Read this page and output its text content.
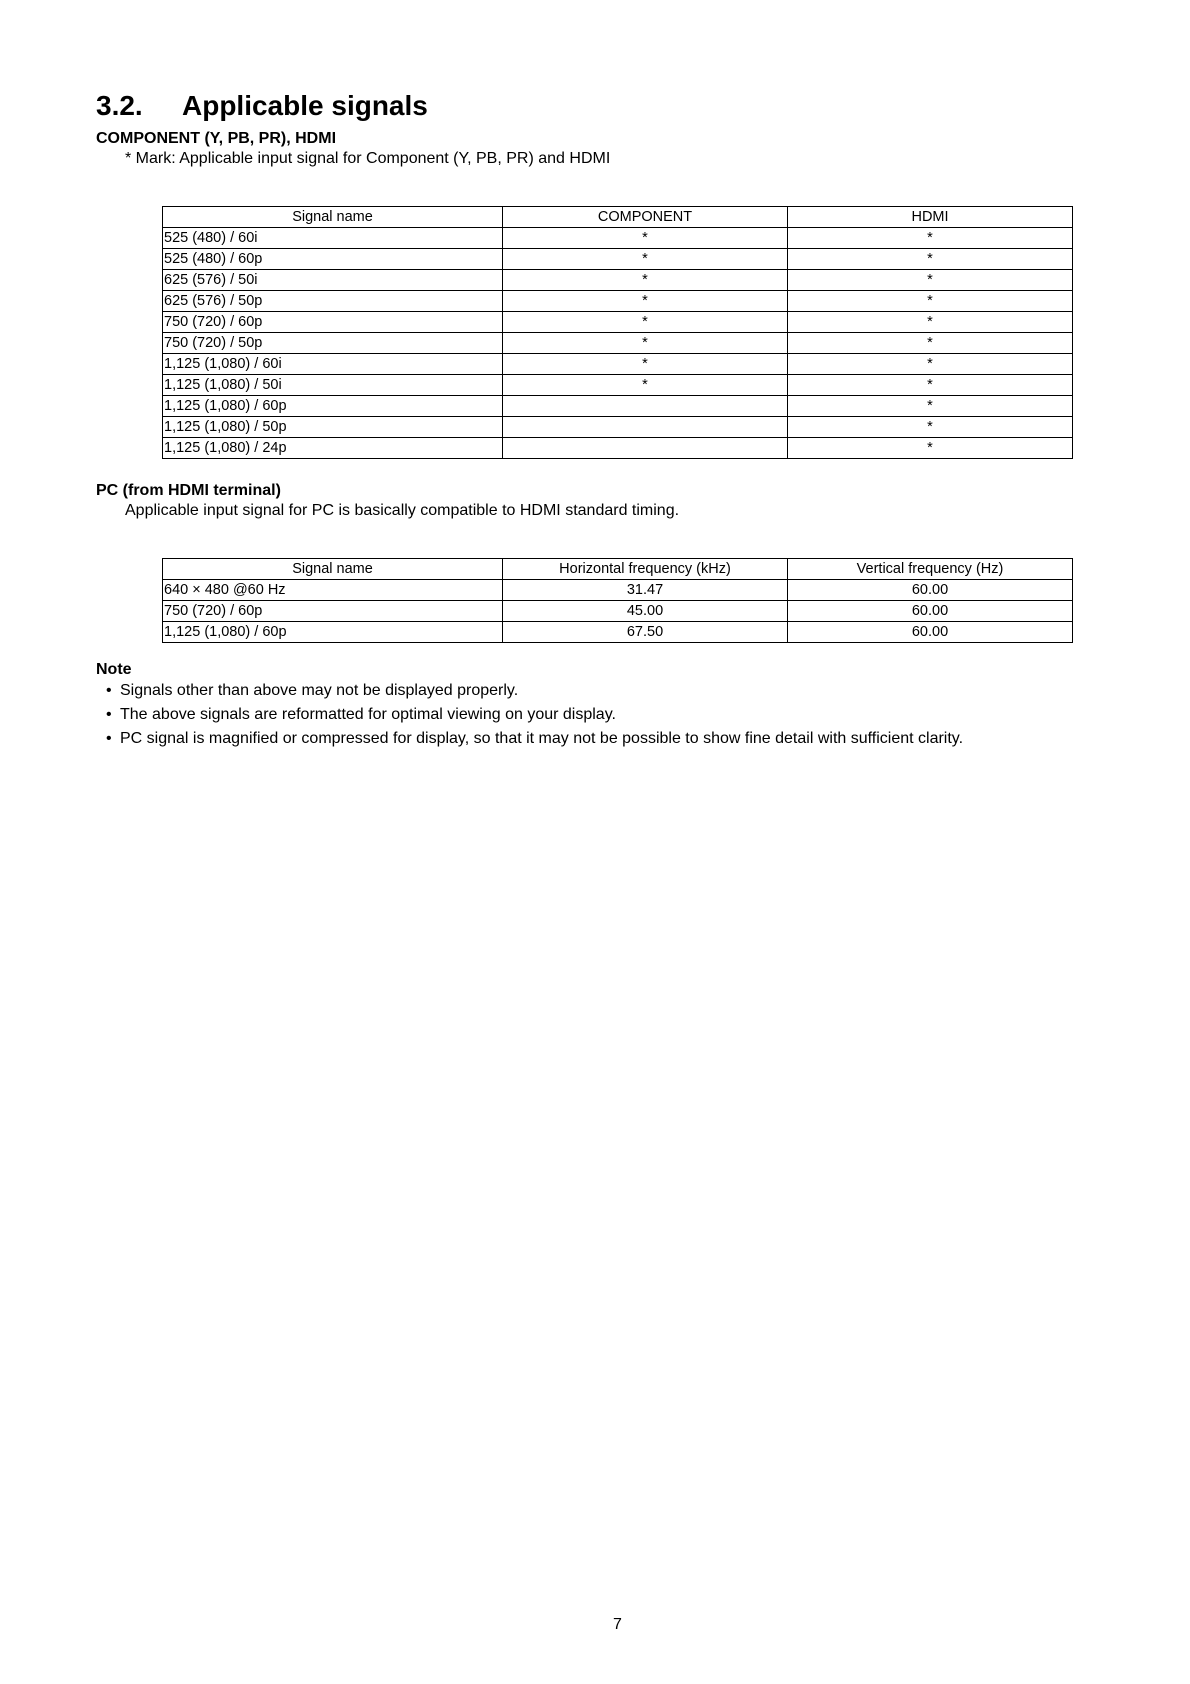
3.2. Applicable signals
COMPONENT (Y, PB, PR), HDMI
* Mark: Applicable input signal for Component (Y, PB, PR) and HDMI
Signal name	COMPONENT	HDMI
525 (480) / 60i	*	*
525 (480) / 60p	*	*
625 (576) / 50i	*	*
625 (576) / 50p	*	*
750 (720) / 60p	*	*
750 (720) / 50p	*	*
1,125 (1,080) / 60i	*	*
1,125 (1,080) / 50i	*	*
1,125 (1,080) / 60p		*
1,125 (1,080) / 50p		*
1,125 (1,080) / 24p		*
PC (from HDMI terminal)
Applicable input signal for PC is basically compatible to HDMI standard timing.
Signal name	Horizontal frequency (kHz)	Vertical frequency (Hz)
640 × 480 @60 Hz	31.47	60.00
750 (720) / 60p	45.00	60.00
1,125 (1,080) / 60p	67.50	60.00
Note
• Signals other than above may not be displayed properly.
• The above signals are reformatted for optimal viewing on your display.
• PC signal is magnified or compressed for display, so that it may not be possible to show fine detail with sufficient clarity.
7
